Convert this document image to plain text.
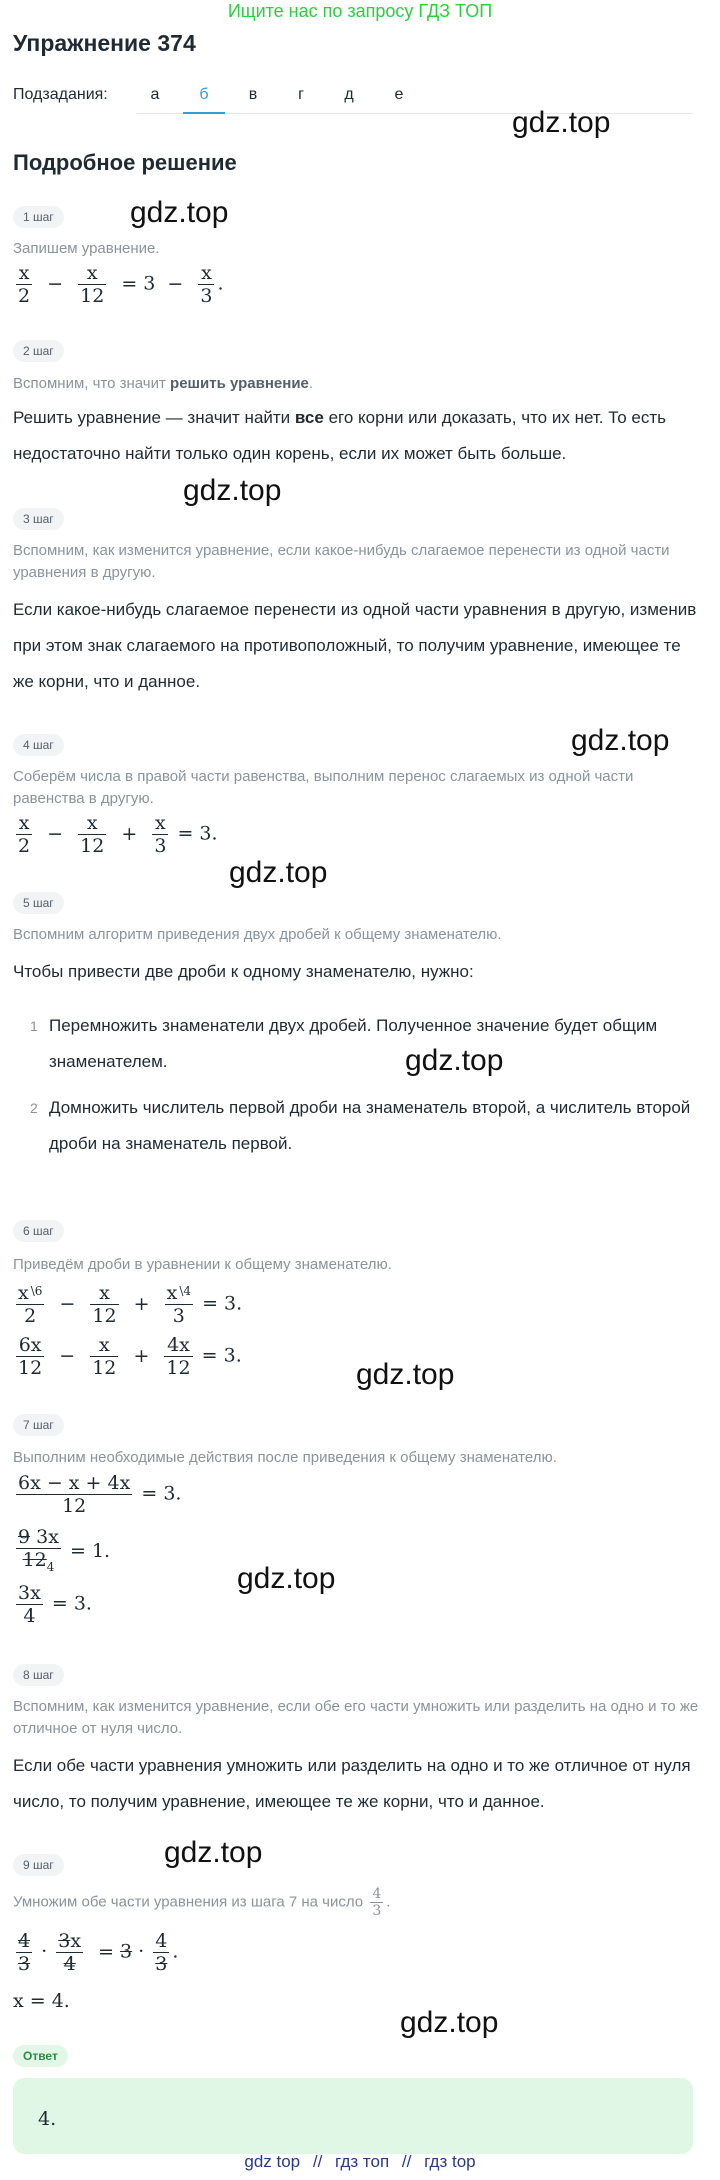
Ищите нас по запросу ГДЗ ТОП
Упражнение 374
Подзадания:	а	б	в	г	д	е
gdz.top
Подробное решение
1 шаг	gdz.top
Запишем уравнение.
$\frac{x}{2} - \frac{x}{12} = 3 - \frac{x}{3}$ .
2 шаг
Вспомним, что значит решить уравнение.
Решить уравнение — значит найти все его корни или доказать, что их нет. То есть недостаточно найти только один корень, если их может быть больше.
gdz.top
3 шаг
Вспомним, как изменится уравнение, если какое-нибудь слагаемое перенести из одной части уравнения в другую.
Если какое-нибудь слагаемое перенести из одной части уравнения в другую, изменив при этом знак слагаемого на противоположный, то получим уравнение, имеющее те же корни, что и данное.
gdz.top
4 шаг
Соберём числа в правой части равенства, выполним перенос слагаемых из одной части равенства в другую.
$\frac{x}{2} - \frac{x}{12} + \frac{x}{3} = 3$.
gdz.top
5 шаг
Вспомним алгоритм приведения двух дробей к общему знаменателю.
Чтобы привести две дроби к одному знаменателю, нужно:
1 Перемножить знаменатели двух дробей. Полученное значение будет общим знаменателем.	gdz.top
2 Домножить числитель первой дроби на знаменатель второй, а числитель второй дроби на знаменатель первой.
6 шаг
Приведём дроби в уравнении к общему знаменателю.
$\frac{x ^{\backslash 6}}{2} - \frac{x}{12} + \frac{x ^{\backslash 4}}{3} = 3$.
$\frac{6x}{12} - \frac{x}{12} + \frac{4x}{12} = 3$.
gdz.top
7 шаг
Выполним необходимые действия после приведения к общему знаменателю.
$\frac{6x - x + 4x}{12} = 3$.
$\frac{9 3x}{12_4} = 1$.
gdz.top
$\frac{3x}{4} = 3$.
8 шаг
Вспомним, как изменится уравнение, если обе его части умножить или разделить на одно и то же отличное от нуля число.
Если обе части уравнения умножить или разделить на одно и то же отличное от нуля число, то получим уравнение, имеющее те же корни, что и данное.
gdz.top
9 шаг
Умножим обе части уравнения из шага 7 на число $\frac{4}{3}$ .
$\frac{4}{3} \cdot \frac{3x}{4} = 3 \cdot \frac{4}{3}$ .
x = 4.
gdz.top
Ответ
4.
gdz top // гдз топ // гдз top
